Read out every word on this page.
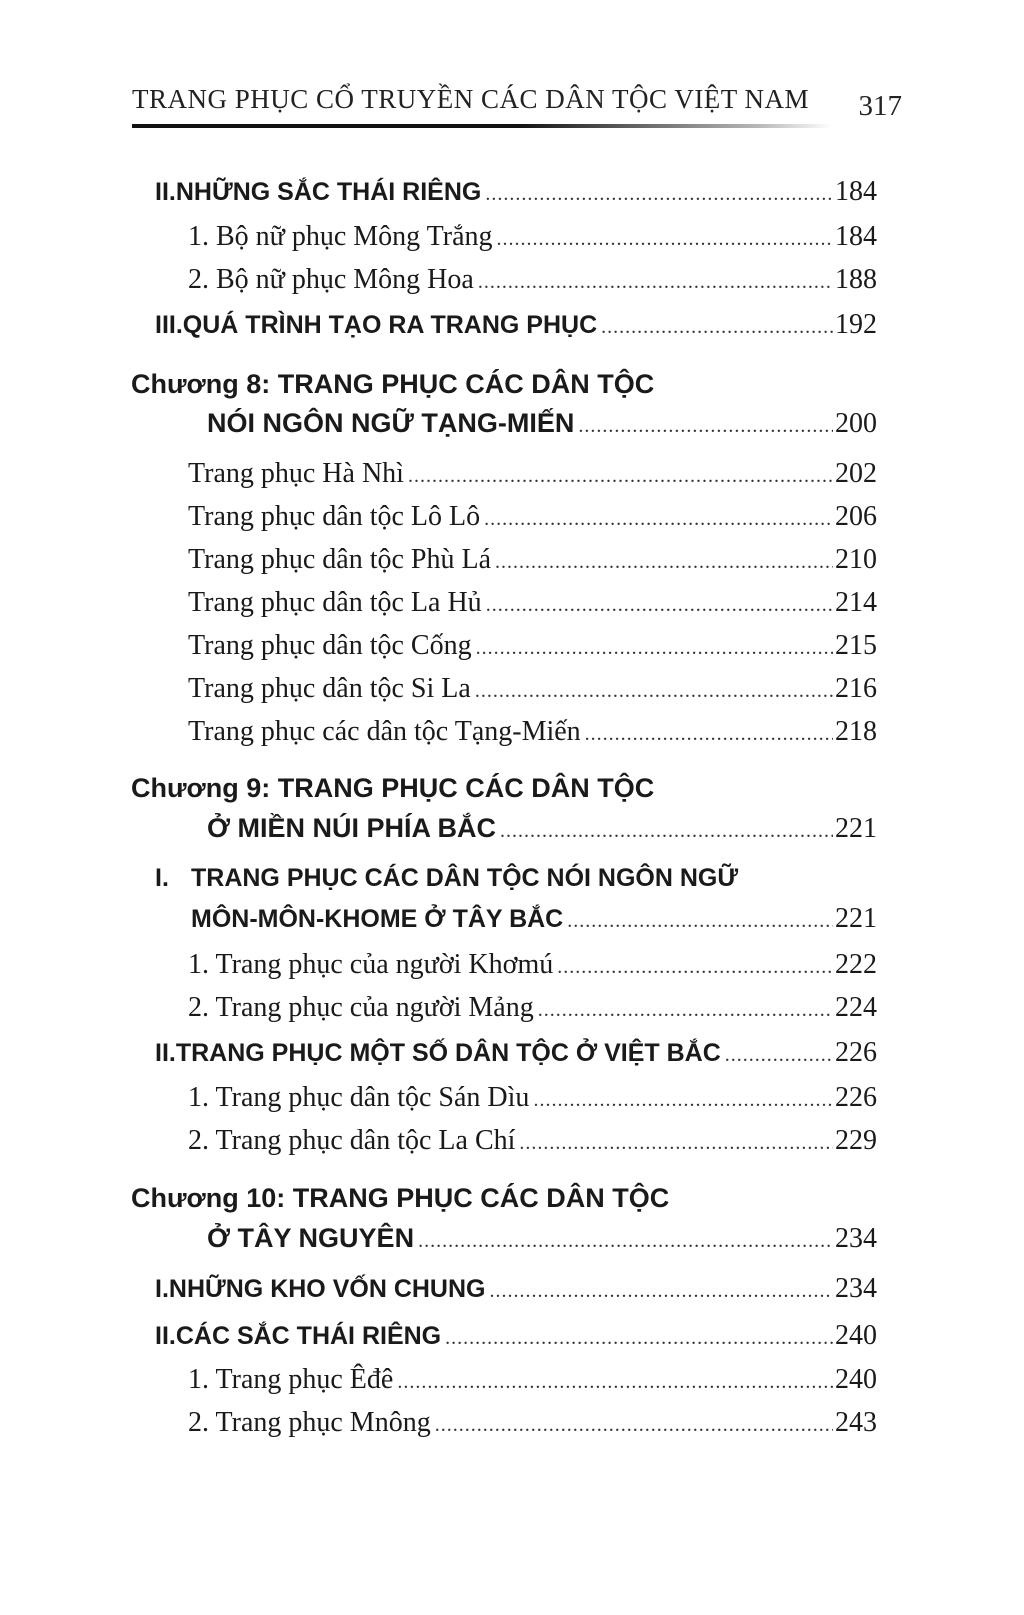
TRANG PHỤC CỔ TRUYỀN CÁC DÂN TỘC VIỆT NAM 317
II. NHỮNG SẮC THÁI RIÊNG .....	184
1. Bộ nữ phục Mông Trắng .....	184
2. Bộ nữ phục Mông Hoa .....	188
III. QUÁ TRÌNH TẠO RA TRANG PHỤC .....	192
Chương 8: TRANG PHỤC CÁC DÂN TỘC
NÓI NGÔN NGỮ TẠNG-MIẾN .....	200
Trang phục Hà Nhì .....	202
Trang phục dân tộc Lô Lô .....	206
Trang phục dân tộc Phù Lá .....	210
Trang phục dân tộc La Hủ .....	214
Trang phục dân tộc Cống .....	215
Trang phục dân tộc Si La .....	216
Trang phục các dân tộc Tạng-Miến .....	218
Chương 9: TRANG PHỤC CÁC DÂN TỘC
Ở MIỀN NÚI PHÍA BẮC .....	221
I. TRANG PHỤC CÁC DÂN TỘC NÓI NGÔN NGỮ
MÔN-MÔN-KHOME Ở TÂY BẮC .....	221
1. Trang phục của người Khơmú .....	222
2. Trang phục của người Mảng .....	224
II. TRANG PHỤC MỘT SỐ DÂN TỘC Ở VIỆT BẮC .....	226
1. Trang phục dân tộc Sán Dìu .....	226
2. Trang phục dân tộc La Chí .....	229
Chương 10: TRANG PHỤC CÁC DÂN TỘC
Ở TÂY NGUYÊN .....	234
I. NHỮNG KHO VỐN CHUNG .....	234
II. CÁC SẮC THÁI RIÊNG .....	240
1. Trang phục Êđê .....	240
2. Trang phục Mnông .....	243
